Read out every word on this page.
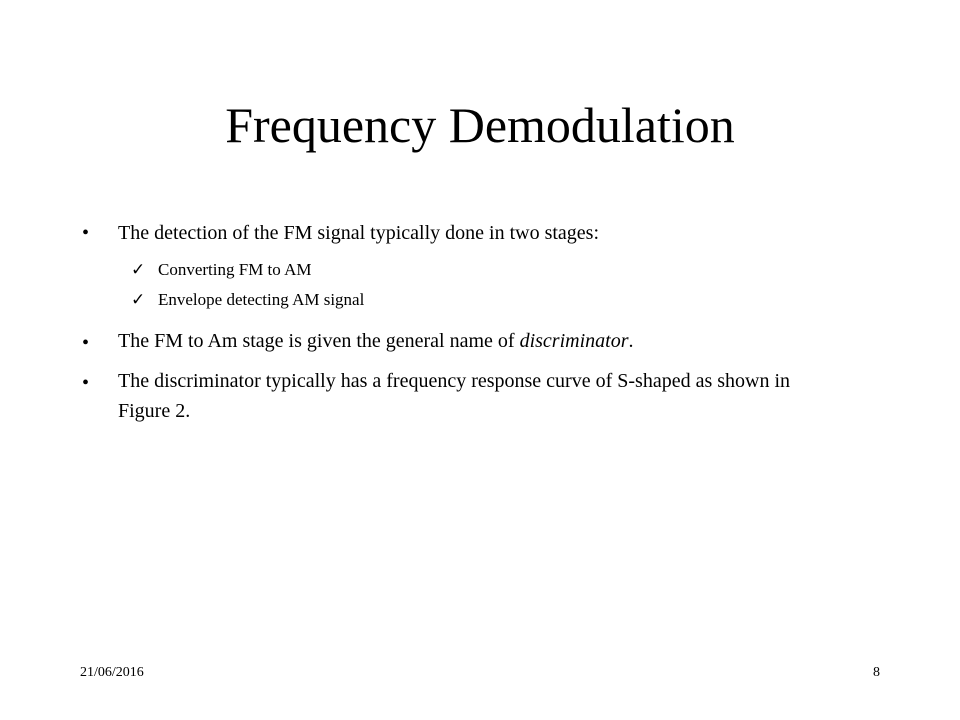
Frequency Demodulation
• The detection of the FM signal typically done in two stages:
✓ Converting FM to AM
✓ Envelope detecting AM signal
• The FM to Am stage is given the general name of discriminator.
• The discriminator typically has a frequency response curve of S-shaped as shown in Figure 2.
21/06/2016	8
